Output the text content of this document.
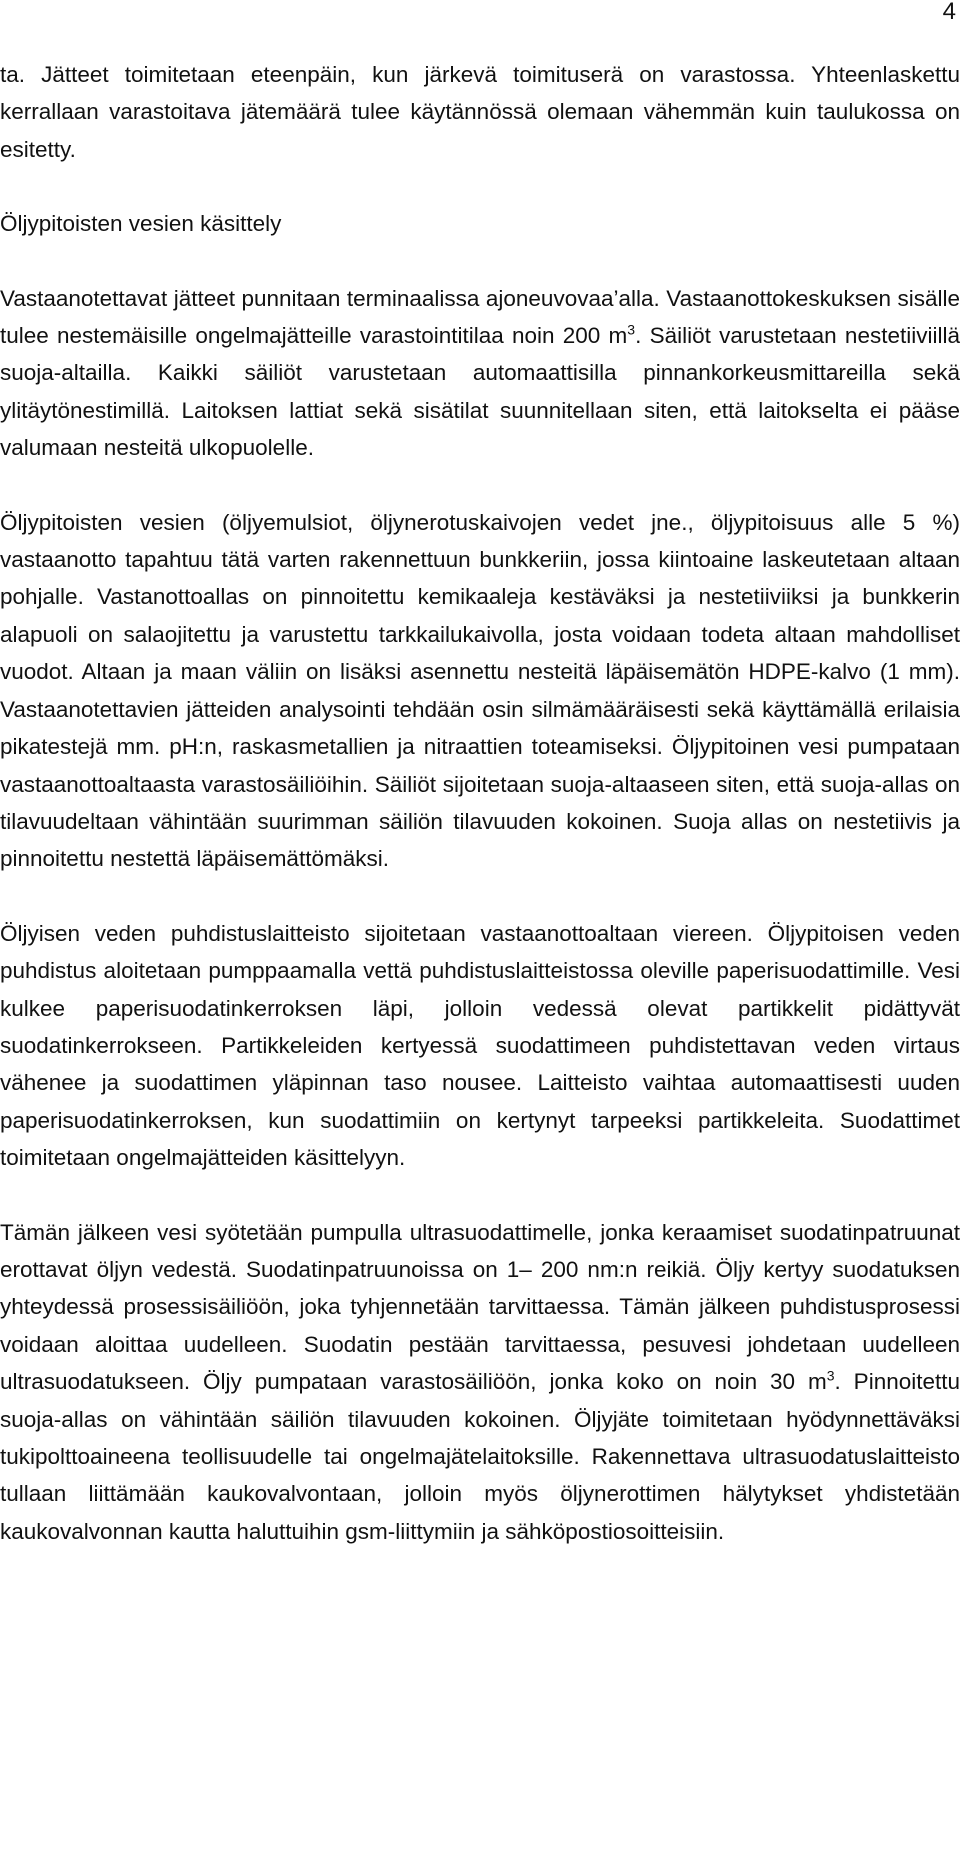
4

ta. Jätteet toimitetaan eteenpäin, kun järkevä toimituserä on varastossa. Yhteenlaskettu kerrallaan varastoitava jätemäärä tulee käytännössä olemaan vähemmän kuin taulukossa on esitetty.

Öljypitoisten vesien käsittely

Vastaanotettavat jätteet punnitaan terminaalissa ajoneuvovaa’alla. Vastaanottokeskuksen sisälle tulee nestemäisille ongelmajätteille varastointitilaa noin 200 $m^3$. Säiliöt varustetaan nestetiiviillä suoja-altailla. Kaikki säiliöt varustetaan automaattisilla pinnankorkeusmittareilla sekä ylitäytönestimillä. Laitoksen lattiat sekä sisätilat suunnitellaan siten, että laitokselta ei pääse valumaan nesteitä ulkopuolelle.

Öljypitoisten vesien (öljyemulsiot, öljynerotuskaivojen vedet jne., öljypitoisuus alle 5 %) vastaanotto tapahtuu tätä varten rakennettuun bunkkeriin, jossa kiintoaine laskeutetaan altaan pohjalle. Vastanottoallas on pinnoitettu kemikaaleja kestäväksi ja nestetiiviiksi ja bunkkerin alapuoli on salaojitettu ja varustettu tarkkailukaivolla, josta voidaan todeta altaan mahdolliset vuodot. Altaan ja maan väliin on lisäksi asennettu nesteitä läpäisemätön HDPE-kalvo (1 mm). Vastaanotettavien jätteiden analysointi tehdään osin silmämääräisesti sekä käyttämällä erilaisia pikatestejä mm. pH:n, raskasmetallien ja nitraattien toteamiseksi. Öljypitoinen vesi pumpataan vastaanottoaltaasta varastosäiliöihin. Säiliöt sijoitetaan suoja-altaaseen siten, että suoja-allas on tilavuudeltaan vähintään suurimman säiliön tilavuuden kokoinen. Suoja allas on nestetiivis ja pinnoitettu nestettä läpäisemättömäksi.

Öljyisen veden puhdistuslaitteisto sijoitetaan vastaanottoaltaan viereen. Öljypitoisen veden puhdistus aloitetaan pumppaamalla vettä puhdistuslaitteistossa oleville paperisuodattimille. Vesi kulkee paperisuodatinkerroksen läpi, jolloin vedessä olevat partikkelit pidättyvät suodatinkerrokseen. Partikkeleiden kertyessä suodattimeen puhdistettavan veden virtaus vähenee ja suodattimen yläpinnan taso nousee. Laitteisto vaihtaa automaattisesti uuden paperisuodatinkerroksen, kun suodattimiin on kertynyt tarpeeksi partikkeleita. Suodattimet toimitetaan ongelmajätteiden käsittelyyn.

Tämän jälkeen vesi syötetään pumpulla ultrasuodattimelle, jonka keraamiset suodatinpatruunat erottavat öljyn vedestä. Suodatinpatruunoissa on 1– 200 nm:n reikiä. Öljy kertyy suodatuksen yhteydessä prosessisäiliöön, joka tyhjennetään tarvittaessa. Tämän jälkeen puhdistusprosessi voidaan aloittaa uudelleen. Suodatin pestään tarvittaessa, pesuvesi johdetaan uudelleen ultrasuodatukseen. Öljy pumpataan varastosäiliöön, jonka koko on noin 30 $m^3$. Pinnoitettu suoja-allas on vähintään säiliön tilavuuden kokoinen. Öljyjäte toimitetaan hyödynnettäväksi tukipolttoaineena teollisuudelle tai ongelmajätelaitoksille. Rakennettava ultrasuodatuslaitteisto tullaan liittämään kaukovalvontaan, jolloin myös öljynerottimen hälytykset yhdistetään kaukovalvonnan kautta haluttuihin gsm-liittymiin ja sähköpostiosoitteisiin.
